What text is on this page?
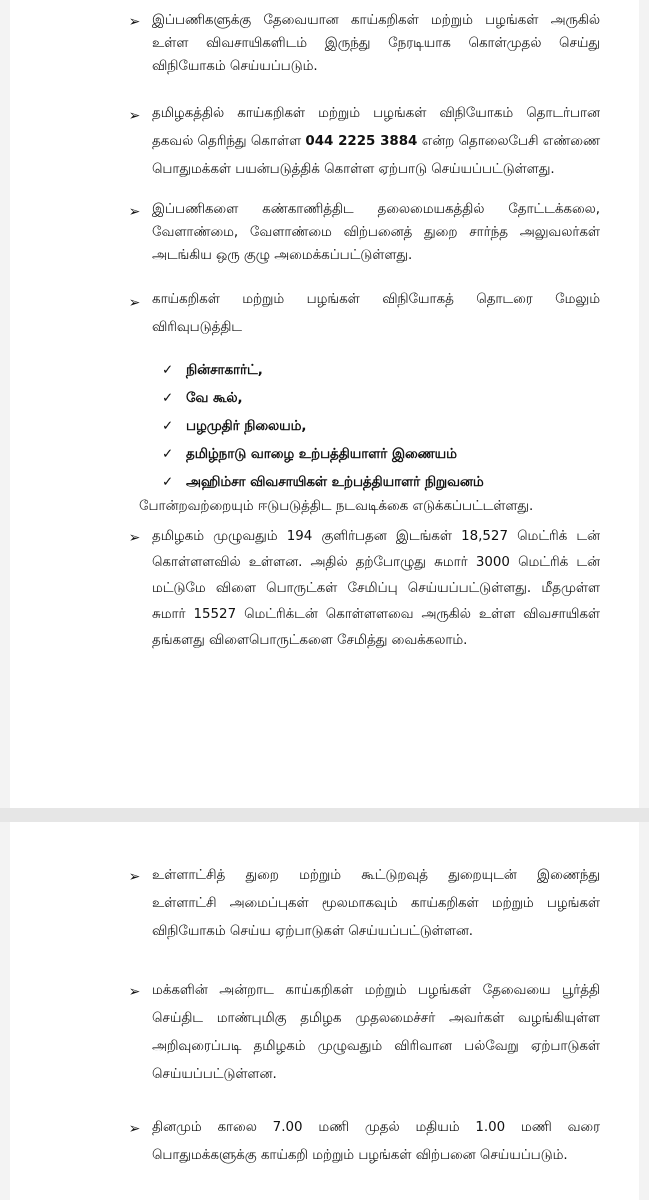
➢ இப்பணிகளுக்கு தேவையான காய்கறிகள் மற்றும் பழங்கள் அருகில்
உள்ள விவசாயிகளிடம் இருந்து நேரடியாக கொள்முதல் செய்து
விநியோகம் செய்யப்படும்.
➢ தமிழகத்தில் காய்கறிகள் மற்றும் பழங்கள் விநியோகம் தொடர்பான
தகவல் தெரிந்து கொள்ள 044 2225 3884 என்ற தொலைபேசி எண்ணை
பொதுமக்கள் பயன்படுத்திக் கொள்ள ஏற்பாடு செய்யப்பட்டுள்ளது.
➢ இப்பணிகளை கண்காணித்திட தலைமையகத்தில் தோட்டக்கலை,
வேளாண்மை, வேளாண்மை விற்பனைத் துறை சார்ந்த அலுவலர்கள்
அடங்கிய ஒரு குழு அமைக்கப்பட்டுள்ளது.
➢ காய்கறிகள் மற்றும் பழங்கள் விநியோகத் தொடரை மேலும்
விரிவுபடுத்திட
✓ நின்சாகார்ட்,
✓ வே கூல்,
✓ பழமுதிர் நிலையம்,
✓ தமிழ்நாடு வாழை உற்பத்தியாளர் இணையம்
✓ அஹிம்சா விவசாயிகள் உற்பத்தியாளர் நிறுவனம்
போன்றவற்றையும் ஈடுபடுத்திட நடவடிக்கை எடுக்கப்பட்டள்ளது.
➢ தமிழகம் முழுவதும் 194 குளிர்பதன இடங்கள் 18,527 மெட்ரிக் டன்
கொள்ளளவில் உள்ளன. அதில் தற்போழுது சுமார் 3000 மெட்ரிக் டன்
மட்டுமே விளை பொருட்கள் சேமிப்பு செய்யப்பட்டுள்ளது. மீதமுள்ள
சுமார் 15527 மெட்ரிக்டன் கொள்ளளவை அருகில் உள்ள விவசாயிகள்
தங்களது விளைபொருட்களை சேமித்து வைக்கலாம்.
➢ உள்ளாட்சித் துறை மற்றும் கூட்டுறவுத் துறையுடன் இணைந்து
உள்ளாட்சி அமைப்புகள் மூலமாகவும் காய்கறிகள் மற்றும் பழங்கள்
விநியோகம் செய்ய ஏற்பாடுகள் செய்யப்பட்டுள்ளன.
➢ மக்களின் அன்றாட காய்கறிகள் மற்றும் பழங்கள் தேவையை பூர்த்தி
செய்திட மாண்புமிகு தமிழக முதலமைச்சர் அவர்கள் வழங்கியுள்ள
அறிவுரைப்படி தமிழகம் முழுவதும் விரிவான பல்வேறு ஏற்பாடுகள்
செய்யப்பட்டுள்ளன.
➢ தினமும் காலை 7.00 மணி முதல் மதியம் 1.00 மணி வரை
பொதுமக்களுக்கு காய்கறி மற்றும் பழங்கள் விற்பனை செய்யப்படும்.
